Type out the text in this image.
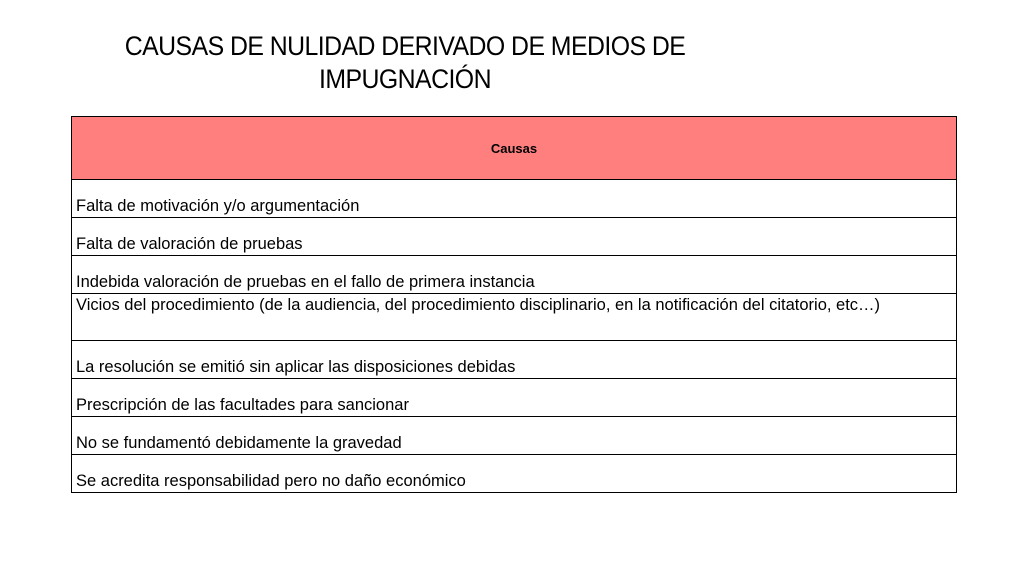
CAUSAS DE NULIDAD DERIVADO DE MEDIOS DE
IMPUGNACIÓN
Causas
Falta de motivación y/o argumentación
Falta de valoración de pruebas
Indebida valoración de pruebas en el fallo de primera instancia
Vicios del procedimiento (de la audiencia, del procedimiento disciplinario, en la notificación del citatorio, etc…)
La resolución se emitió sin aplicar las disposiciones debidas
Prescripción de las facultades para sancionar
No se fundamentó debidamente la gravedad
Se acredita responsabilidad pero no daño económico
